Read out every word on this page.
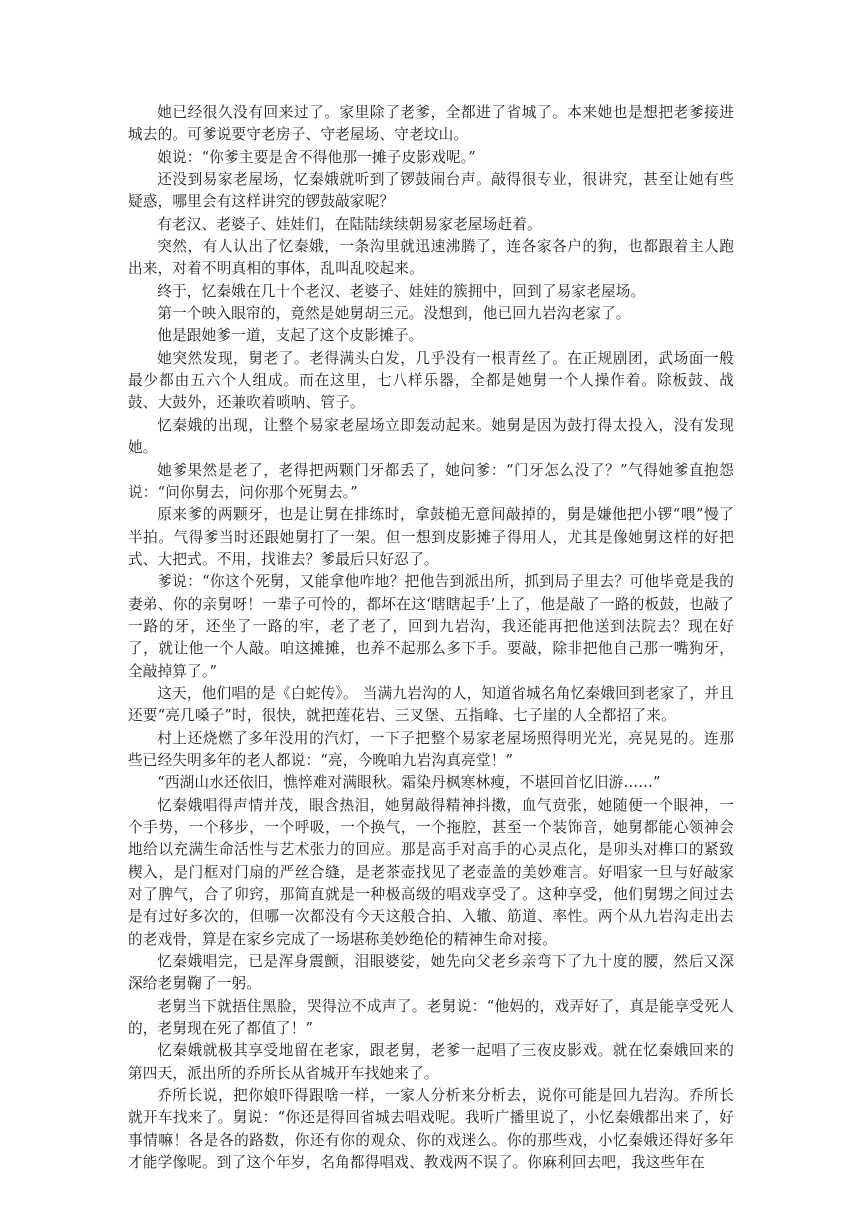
她已经很久没有回来过了。家里除了老爹，全都进了省城了。本来她也是想把老爹接进城去的。可爹说要守老房子、守老屋场、守老坟山。

娘说：“你爹主要是舍不得他那一摊子皮影戏呢。”

还没到易家老屋场，忆秦娥就听到了锣鼓闹台声。敲得很专业，很讲究，甚至让她有些疑惑，哪里会有这样讲究的锣鼓敲家呢？

有老汉、老婆子、娃娃们，在陆陆续续朝易家老屋场赶着。

突然，有人认出了忆秦娥，一条沟里就迅速沸腾了，连各家各户的狗，也都跟着主人跑出来，对着不明真相的事体，乱叫乱咬起来。

终于，忆秦娥在几十个老汉、老婆子、娃娃的簇拥中，回到了易家老屋场。

第一个映入眼帘的，竟然是她舅胡三元。没想到，他已回九岩沟老家了。

他是跟她爹一道，支起了这个皮影摊子。

她突然发现，舅老了。老得满头白发，几乎没有一根青丝了。在正规剧团，武场面一般最少都由五六个人组成。而在这里，七八样乐器，全都是她舅一个人操作着。除板鼓、战鼓、大鼓外，还兼吹着唢呐、管子。

忆秦娥的出现，让整个易家老屋场立即轰动起来。她舅是因为鼓打得太投入，没有发现她。

她爹果然是老了，老得把两颗门牙都丢了，她问爹：“门牙怎么没了？”气得她爹直抱怨说：“问你舅去，问你那个死舅去。”

原来爹的两颗牙，也是让舅在排练时，拿鼓槌无意间敲掉的，舅是嫌他把小锣“喂”慢了半拍。气得爹当时还跟她舅打了一架。但一想到皮影摊子得用人，尤其是像她舅这样的好把式、大把式。不用，找谁去？爹最后只好忍了。

爹说：“你这个死舅，又能拿他咋地？把他告到派出所，抓到局子里去？可他毕竟是我的妻弟、你的亲舅呀！一辈子可怜的，都坏在这‘瞎瞎起手’上了，他是敲了一路的板鼓，也敲了一路的牙，还坐了一路的牢，老了老了，回到九岩沟，我还能再把他送到法院去？现在好了，就让他一个人敲。咱这摊摊，也养不起那么多下手。要敲，除非把他自己那一嘴狗牙，全敲掉算了。”

这天，他们唱的是《白蛇传》。 当满九岩沟的人，知道省城名角忆秦娥回到老家了，并且还要“亮几嗓子”时，很快，就把莲花岩、三叉堡、五指峰、七子崖的人全都招了来。

村上还烧燃了多年没用的汽灯，一下子把整个易家老屋场照得明光光，亮晃晃的。连那些已经失明多年的老人都说：“亮，今晚咱九岩沟真亮堂！”

“西湖山水还依旧，憔悴难对满眼秋。霜染丹枫寒林瘦，不堪回首忆旧游……”

忆秦娥唱得声情并茂，眼含热泪，她舅敲得精神抖擞，血气贲张，她随便一个眼神，一个手势，一个移步，一个呼吸，一个换气，一个拖腔，甚至一个装饰音，她舅都能心领神会地给以充满生命活性与艺术张力的回应。那是高手对高手的心灵点化，是卯头对榫口的紧致楔入，是门框对门扇的严丝合缝，是老茶壶找见了老壶盖的美妙难言。好唱家一旦与好敲家对了脾气，合了卯窍，那简直就是一种极高级的唱戏享受了。这种享受，他们舅甥之间过去是有过好多次的，但哪一次都没有今天这般合拍、入辙、筋道、率性。两个从九岩沟走出去的老戏骨，算是在家乡完成了一场堪称美妙绝伦的精神生命对接。

忆秦娥唱完，已是浑身震颤，泪眼婆娑，她先向父老乡亲弯下了九十度的腰，然后又深深给老舅鞠了一躬。

老舅当下就捂住黑脸，哭得泣不成声了。老舅说：“他妈的，戏弄好了，真是能享受死人的，老舅现在死了都值了！”

忆秦娥就极其享受地留在老家，跟老舅，老爹一起唱了三夜皮影戏。就在忆秦娥回来的第四天，派出所的乔所长从省城开车找她来了。

乔所长说，把你娘吓得跟啥一样，一家人分析来分析去，说你可能是回九岩沟。乔所长就开车找来了。舅说：“你还是得回省城去唱戏呢。我听广播里说了，小忆秦娥都出来了，好事情嘛！各是各的路数，你还有你的观众、你的戏迷么。你的那些戏，小忆秦娥还得好多年才能学像呢。到了这个年岁，名角都得唱戏、教戏两不误了。你麻利回去吧，我这些年在
